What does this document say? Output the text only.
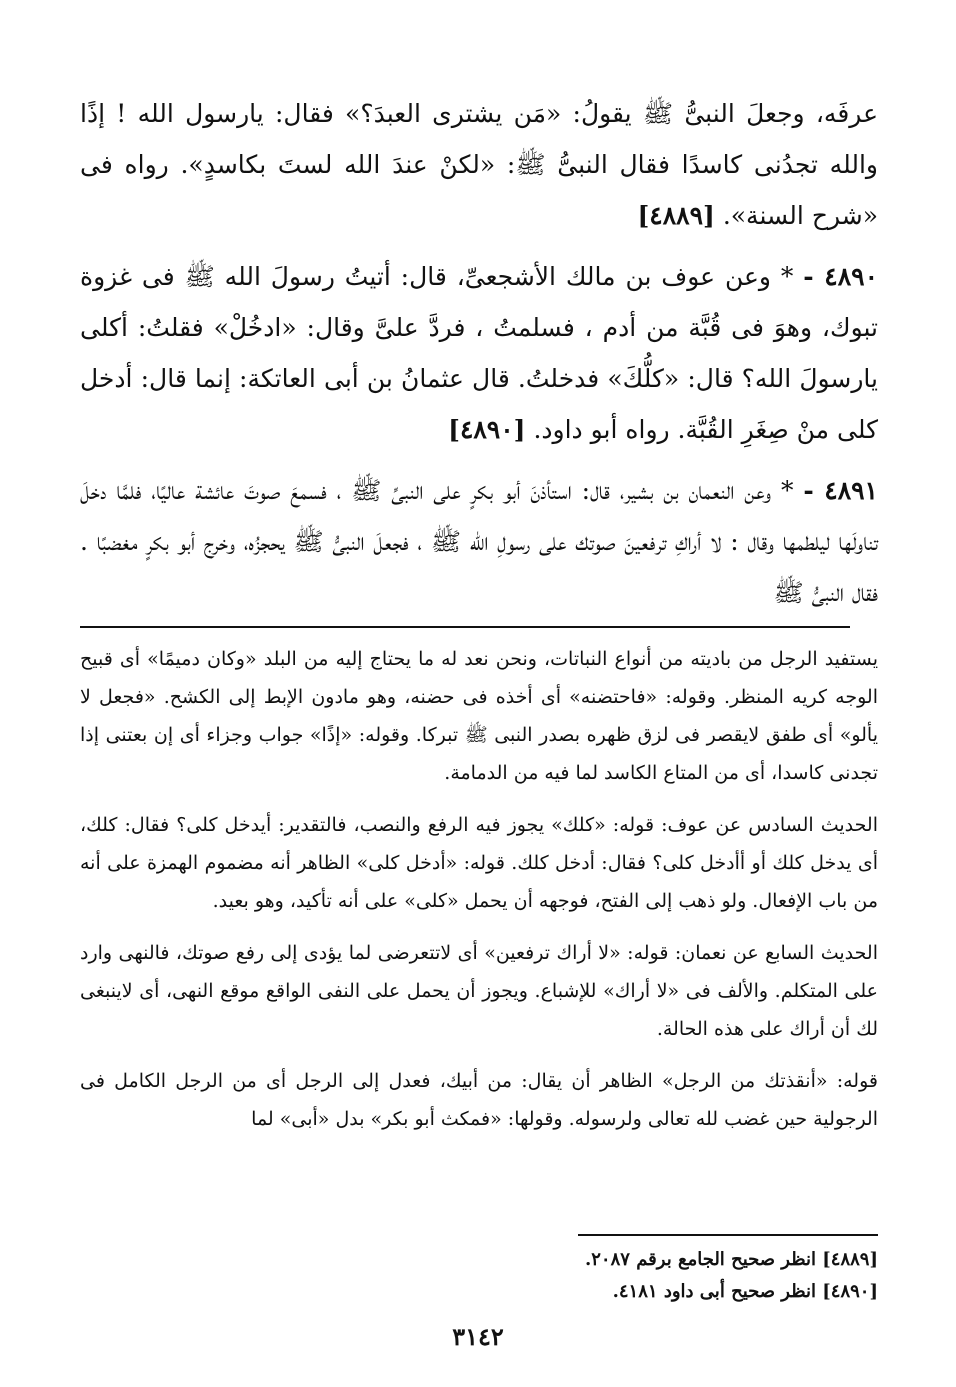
عرفَه، وجعلَ النبىُّ ﷺ يقولُ: «مَن يشترى العبدَ؟» فقال: يارسول الله ! إذًا والله تجدُنى كاسدًا فقال النبىُّ ﷺ: «لكنْ عندَ الله لستَ بكاسدٍ». رواه فى «شرح السنة». [٤٨٨٩]

٤٨٩٠ - * وعن عوف بن مالك الأشجعىِّ، قال: أتيتُ رسولَ الله ﷺ فى غزوة تبوك، وهوَ فى قُبَّة من أدم ، فسلمتُ ، فردَّ علىَّ وقال: «ادخُلْ» فقلتُ: أكلى يارسولَ الله؟ قال: «كلُّكَ» فدخلتُ. قال عثمانُ بن أبى العاتكة: إنما قال: أدخل كلى منْ صِغَرِ القُبَّة. رواه أبو داود. [٤٨٩٠]

٤٨٩١ - * وعن النعمان بن بشير، قال: استأذنَ أبو بكرٍ على النبىِّ ﷺ ، فسمعَ صوتَ عائشة عاليًا، فلمَّا دخلَ تناولَها ليلطمها وقال : لا أراكِ ترفعينَ صوتك على رسولِ الله ﷺ ، فجعلَ النبىُّ ﷺ يحجزُه، وخرج أبو بكرٍ مغضبًا . فقال النبىُّ ﷺ

يستفيد الرجل من باديته من أنواع النباتات، ونحن نعد له ما يحتاج إليه من البلد «وكان دميمًا» أى قبيح الوجه كريه المنظر. وقوله: «فاحتضنه» أى أخذه فى حضنه، وهو مادون الإبط إلى الكشح. «فجعل لا يألو» أى طفق لايقصر فى لزق ظهره بصدر النبى ﷺ تبركا. وقوله: «إذًا» جواب وجزاء أى إن بعتنى إذا تجدنى كاسدا، أى من المتاع الكاسد لما فيه من الدمامة.

الحديث السادس عن عوف: قوله: «كلك» يجوز فيه الرفع والنصب، فالتقدير: أيدخل كلى؟ فقال: كلك، أى يدخل كلك أو أأدخل كلى؟ فقال: أدخل كلك. قوله: «أدخل كلى» الظاهر أنه مضموم الهمزة على أنه من باب الإفعال. ولو ذهب إلى الفتح، فوجهه أن يحمل «كلى» على أنه تأكيد، وهو بعيد.

الحديث السابع عن نعمان: قوله: «لا أراك ترفعين» أى لاتتعرضى لما يؤدى إلى رفع صوتك، فالنهى وارد على المتكلم. والألف فى «لا أراك» للإشباع. ويجوز أن يحمل على النفى الواقع موقع النهى، أى لاينبغى لك أن أراك على هذه الحالة.

قوله: «أنقذتك من الرجل» الظاهر أن يقال: من أبيك، فعدل إلى الرجل أى من الرجل الكامل فى الرجولية حين غضب لله تعالى ولرسوله. وقولها: «فمكث أبو بكر» بدل «أبى» لما

[٤٨٨٩] انظر صحيح الجامع برقم ٢٠٨٧.

[٤٨٩٠] انظر صحيح أبى داود ٤١٨١.

٣١٤٢
